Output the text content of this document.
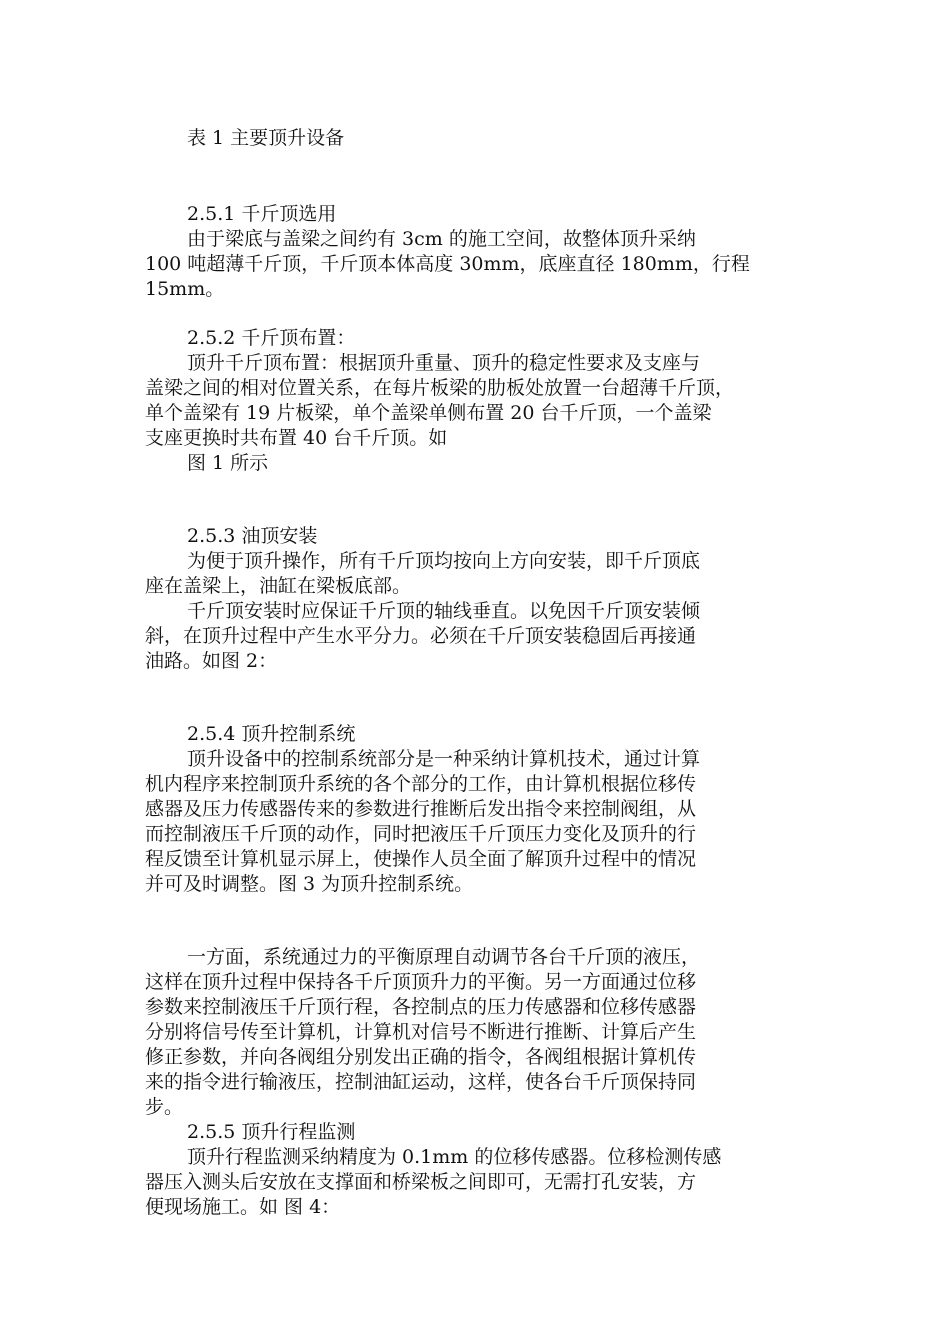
表 1 主要顶升设备
2.5.1 千斤顶选用
由于梁底与盖梁之间约有 3cm 的施工空间，故整体顶升采纳
100 吨超薄千斤顶，千斤顶本体高度 30mm，底座直径 180mm，行程
15mm。
2.5.2 千斤顶布置：
顶升千斤顶布置：根据顶升重量、顶升的稳定性要求及支座与
盖梁之间的相对位置关系，在每片板梁的肋板处放置一台超薄千斤顶，
单个盖梁有 19 片板梁，单个盖梁单侧布置 20 台千斤顶，一个盖梁
支座更换时共布置 40 台千斤顶。如
图 1 所示
2.5.3 油顶安装
为便于顶升操作，所有千斤顶均按向上方向安装，即千斤顶底
座在盖梁上，油缸在梁板底部。
千斤顶安装时应保证千斤顶的轴线垂直。以免因千斤顶安装倾
斜，在顶升过程中产生水平分力。必须在千斤顶安装稳固后再接通
油路。如图 2：
2.5.4 顶升控制系统
顶升设备中的控制系统部分是一种采纳计算机技术，通过计算
机内程序来控制顶升系统的各个部分的工作，由计算机根据位移传
感器及压力传感器传来的参数进行推断后发出指令来控制阀组，从
而控制液压千斤顶的动作，同时把液压千斤顶压力变化及顶升的行
程反馈至计算机显示屏上，使操作人员全面了解顶升过程中的情况
并可及时调整。图 3 为顶升控制系统。
一方面，系统通过力的平衡原理自动调节各台千斤顶的液压，
这样在顶升过程中保持各千斤顶顶升力的平衡。另一方面通过位移
参数来控制液压千斤顶行程，各控制点的压力传感器和位移传感器
分别将信号传至计算机，计算机对信号不断进行推断、计算后产生
修正参数，并向各阀组分别发出正确的指令，各阀组根据计算机传
来的指令进行输液压，控制油缸运动，这样，使各台千斤顶保持同
步。
2.5.5 顶升行程监测
顶升行程监测采纳精度为 0.1mm 的位移传感器。位移检测传感
器压入测头后安放在支撑面和桥梁板之间即可，无需打孔安装，方
便现场施工。如 图 4：
